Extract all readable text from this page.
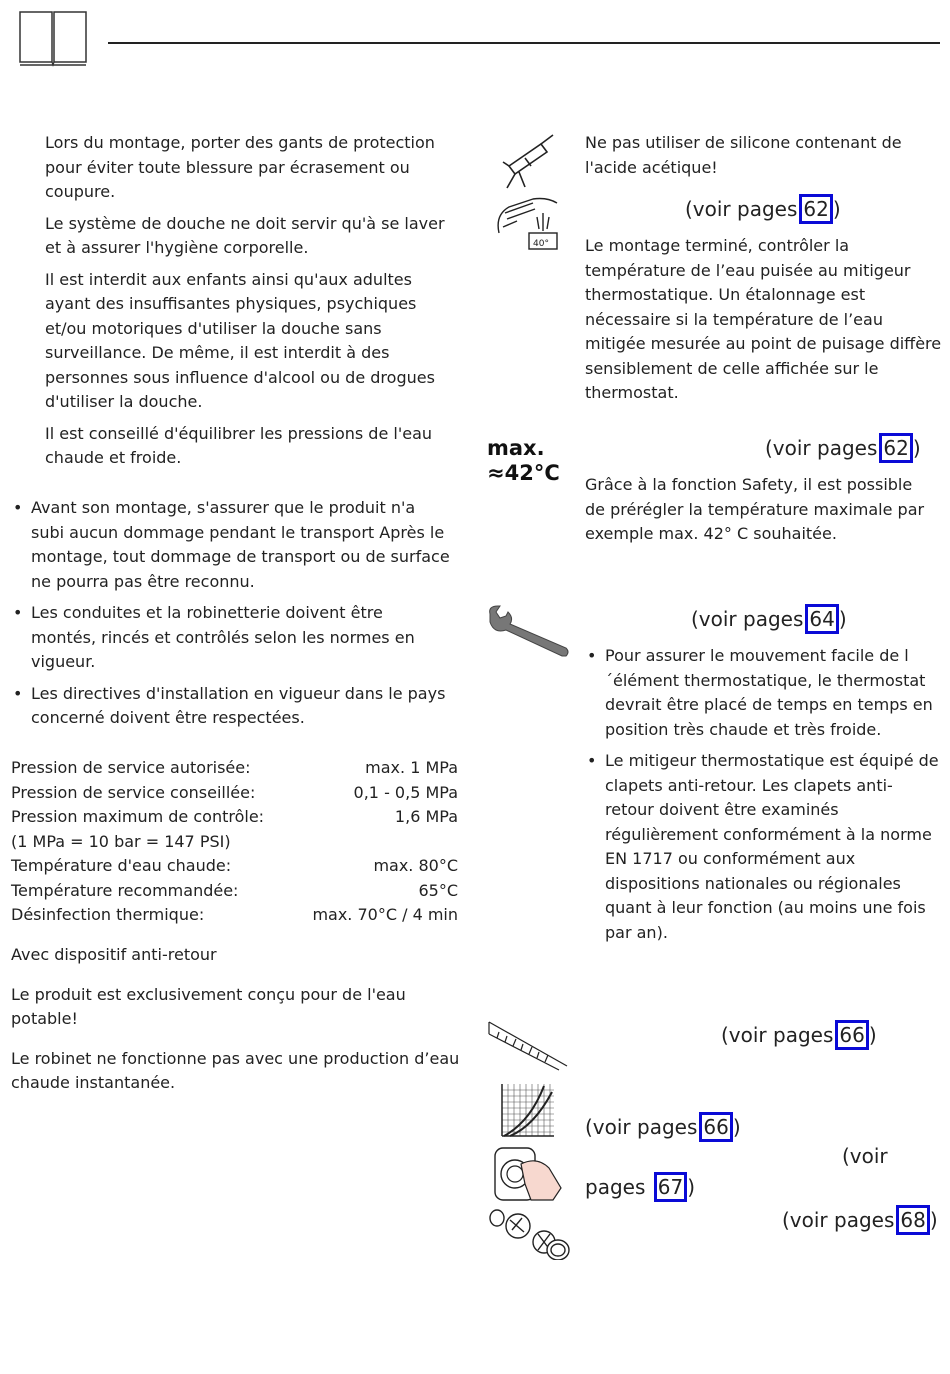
Lors du montage, porter des gants de protection pour éviter toute blessure par écrasement ou coupure.

Le système de douche ne doit servir qu'à se laver et à assurer l'hygiène corporelle.

Il est interdit aux enfants ainsi qu'aux adultes ayant des insuffisantes physiques, psychiques et/ou motoriques d'utiliser la douche sans surveillance. De même, il est interdit à des personnes sous influence d'alcool ou de drogues d'utiliser la douche.

Il est conseillé d'équilibrer les pressions de l'eau chaude et froide.

• Avant son montage, s'assurer que le produit n'a subi aucun dommage pendant le transport Après le montage, tout dommage de transport ou de surface ne pourra pas être reconnu.
• Les conduites et la robinetterie doivent être montés, rincés et contrôlés selon les normes en vigueur.
• Les directives d'installation en vigueur dans le pays concerné doivent être respectées.
Pression de service autorisée:	max. 1 MPa
Pression de service conseillée:	0,1 - 0,5 MPa
Pression maximum de contrôle:	1,6 MPa
(1 MPa = 10 bar = 147 PSI)	
Température d'eau chaude:	max. 80°C
Température recommandée:	65°C
Désinfection thermique:	max. 70°C / 4 min

Avec dispositif anti-retour

Le produit est exclusivement conçu pour de l'eau potable!

Le robinet ne fonctionne pas avec une production d’eau chaude instantanée.

Ne pas utiliser de silicone contenant de l'acide acétique!

40°
(voir pages 62 )

Le montage terminé, contrôler la température de l’eau puisée au mitigeur thermostatique. Un étalonnage est nécessaire si la température de l’eau mitigée mesurée au point de puisage diffère sensiblement de celle affichée sur le thermostat.

max.
≈42°C
(voir pages 62 )

Grâce à la fonction Safety, il est possible de prérégler la température maximale par exemple max. 42° C souhaitée.

(voir pages 64 )
• Pour assurer le mouvement facile de l´élément thermostatique, le thermostat devrait être placé de temps en temps en position très chaude et très froide.
• Le mitigeur thermostatique est équipé de clapets anti-retour. Les clapets anti-retour doivent être examinés régulièrement conformément à la norme EN 1717 ou conformément aux dispositions nationales ou régionales quant à leur fonction (au moins une fois par an).
(voir pages 66 )
(voir pages 66 )
(voir
pages 67 )
(voir pages 68 )
